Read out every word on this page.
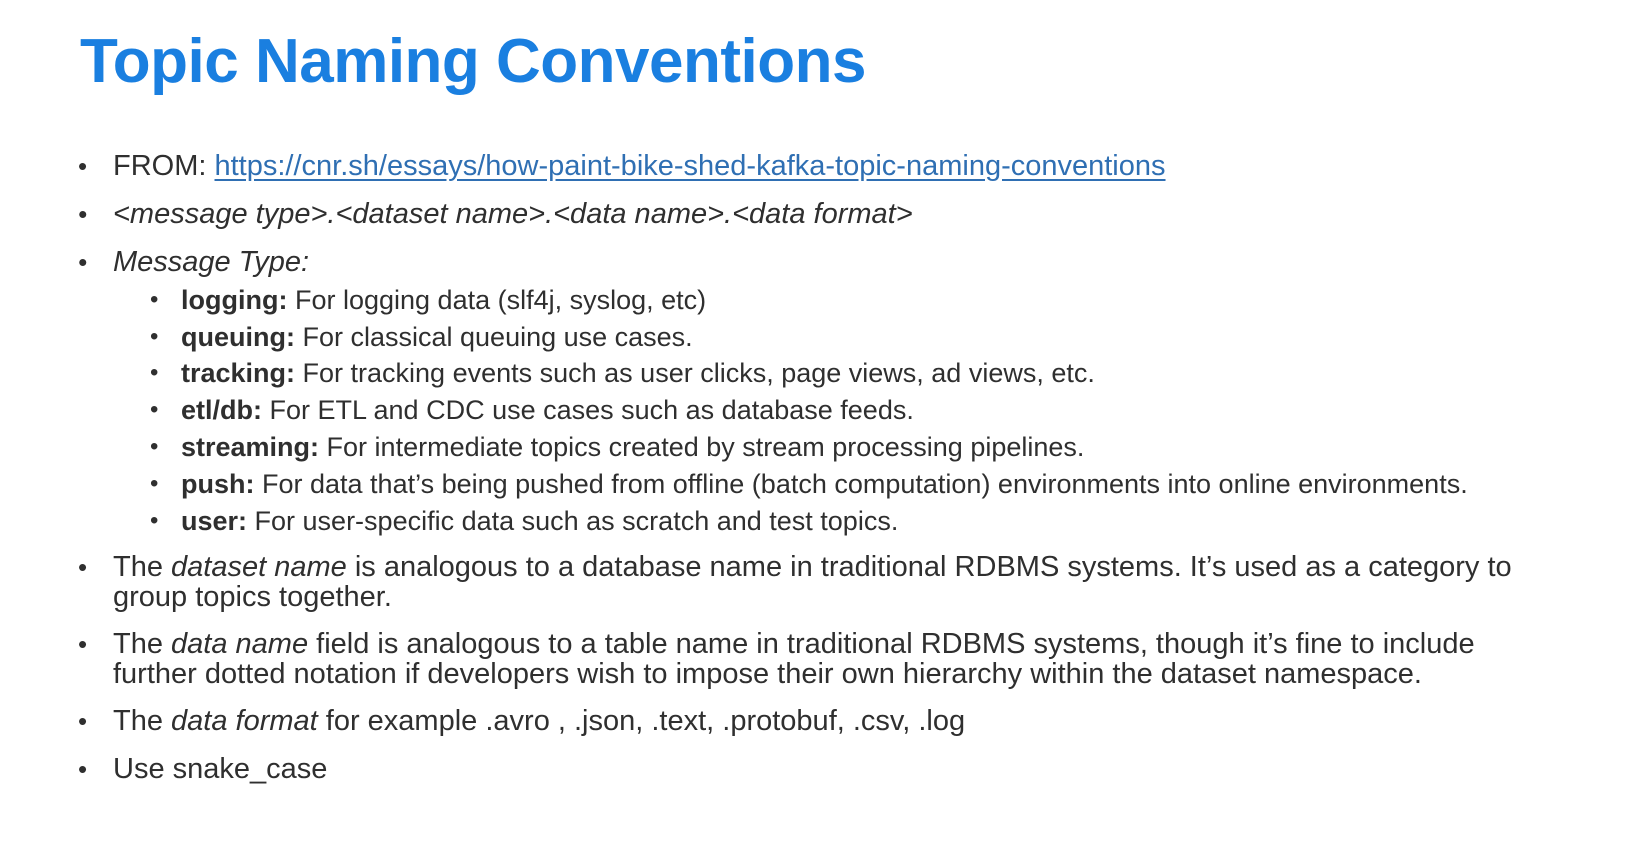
Topic Naming Conventions
• FROM: https://cnr.sh/essays/how-paint-bike-shed-kafka-topic-naming-conventions
• <message type>.<dataset name>.<data name>.<data format>
• Message Type:
• logging: For logging data (slf4j, syslog, etc)
• queuing: For classical queuing use cases.
• tracking: For tracking events such as user clicks, page views, ad views, etc.
• etl/db: For ETL and CDC use cases such as database feeds.
• streaming: For intermediate topics created by stream processing pipelines.
• push: For data that’s being pushed from offline (batch computation) environments into online environments.
• user: For user-specific data such as scratch and test topics.
• The dataset name is analogous to a database name in traditional RDBMS systems. It’s used as a category to group topics together.
• The data name field is analogous to a table name in traditional RDBMS systems, though it’s fine to include further dotted notation if developers wish to impose their own hierarchy within the dataset namespace.
• The data format for example .avro , .json, .text, .protobuf, .csv, .log
• Use snake_case
